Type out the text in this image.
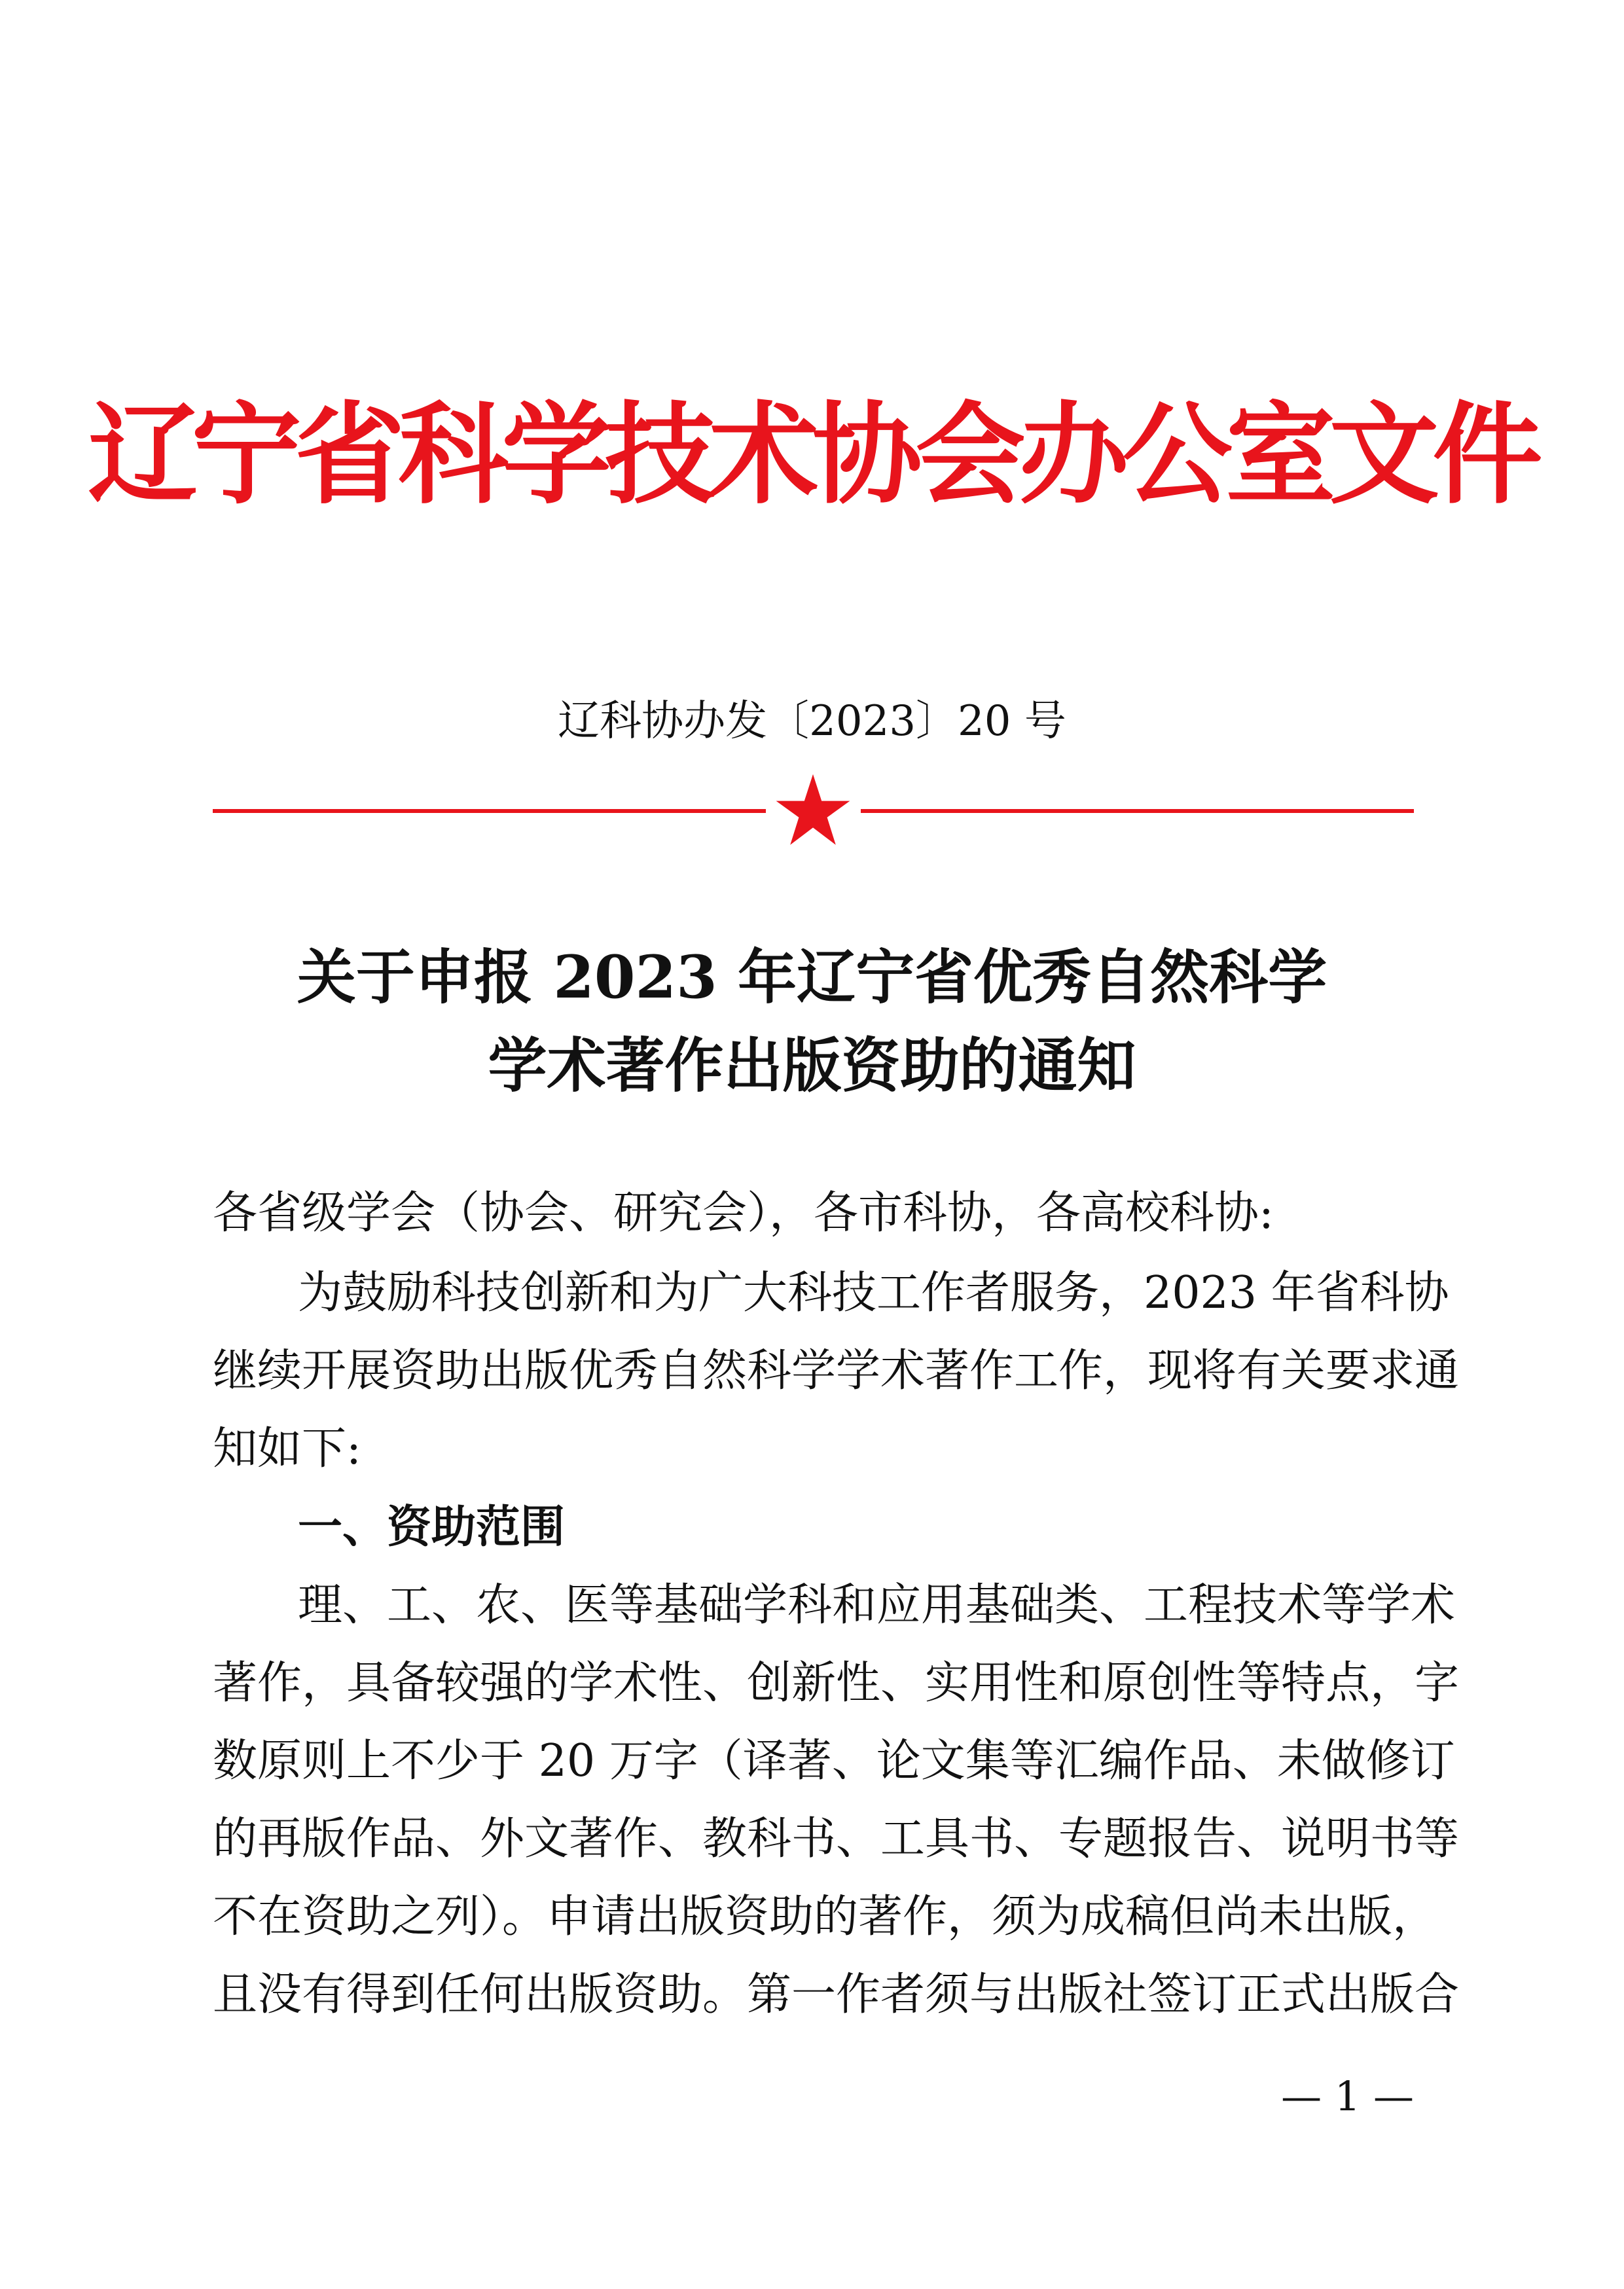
辽宁省科学技术协会办公室文件
辽科协办发〔2023〕20 号
关于申报 2023 年辽宁省优秀自然科学
学术著作出版资助的通知
各省级学会（协会、研究会），各市科协，各高校科协:
为鼓励科技创新和为广大科技工作者服务，2023 年省科协
继续开展资助出版优秀自然科学学术著作工作，现将有关要求通
知如下:
一、资助范围
理、工、农、医等基础学科和应用基础类、工程技术等学术
著作，具备较强的学术性、创新性、实用性和原创性等特点，字
数原则上不少于 20 万字（译著、论文集等汇编作品、未做修订
的再版作品、外文著作、教科书、工具书、专题报告、说明书等
不在资助之列）。申请出版资助的著作，须为成稿但尚未出版，
且没有得到任何出版资助。第一作者须与出版社签订正式出版合
— 1 —
